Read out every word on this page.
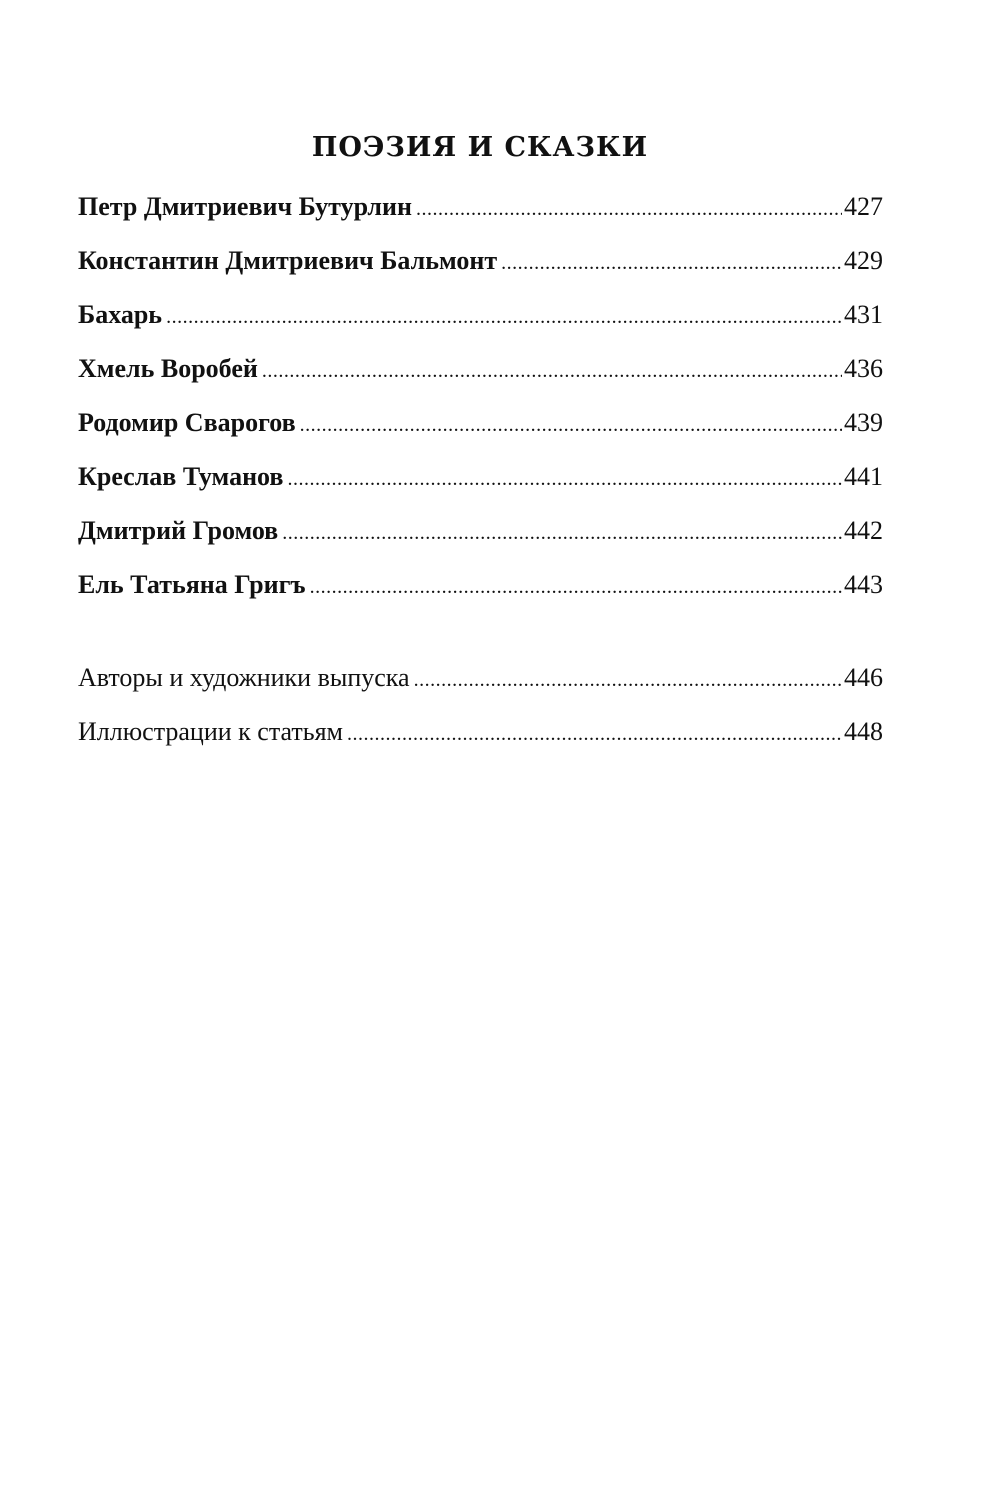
ПОЭЗИЯ И СКАЗКИ
Петр Дмитриевич Бутурлин .....	427
Константин Дмитриевич Бальмонт .....	429
Бахарь .....	431
Хмель Воробей .....	436
Родомир Сварогов .....	439
Креслав Туманов .....	441
Дмитрий Громов .....	442
Ель Татьяна Григъ .....	443
Авторы и художники выпуска .....	446
Иллюстрации к статьям .....	448
